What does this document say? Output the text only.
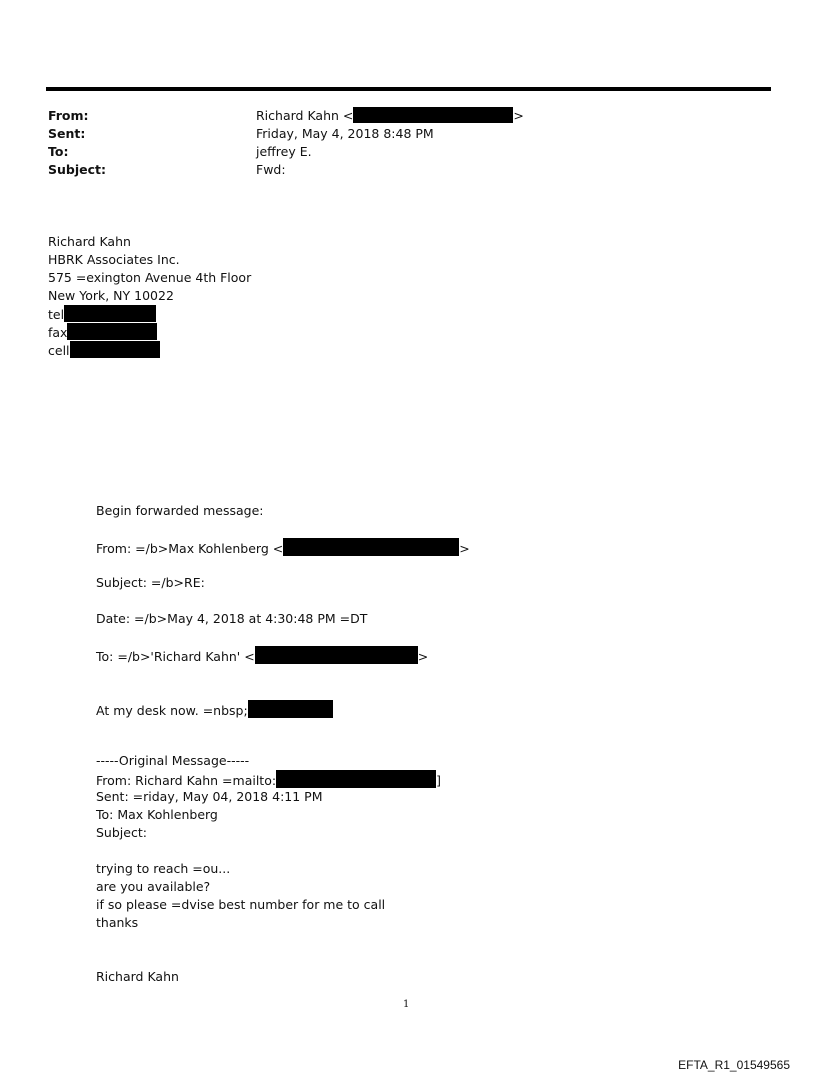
From:	Richard Kahn <	>
Sent:	Friday, May 4, 2018 8:48 PM
To:	jeffrey E.
Subject:	Fwd:
Richard Kahn
HBRK Associates Inc.
575 =exington Avenue 4th Floor
New York, NY 10022
tel
fax
cell
Begin forwarded message:
From: =/b>Max Kohlenberg <	>
Subject: =/b>RE:
Date: =/b>May 4, 2018 at 4:30:48 PM =DT
To: =/b>'Richard Kahn' <	>
At my desk now. =nbsp;
-----Original Message-----
From: Richard Kahn =mailto:	]
Sent: =riday, May 04, 2018 4:11 PM
To: Max Kohlenberg
Subject:
trying to reach =ou...
are you available?
if so please =dvise best number for me to call
thanks
Richard Kahn
1
EFTA_R1_01549565
